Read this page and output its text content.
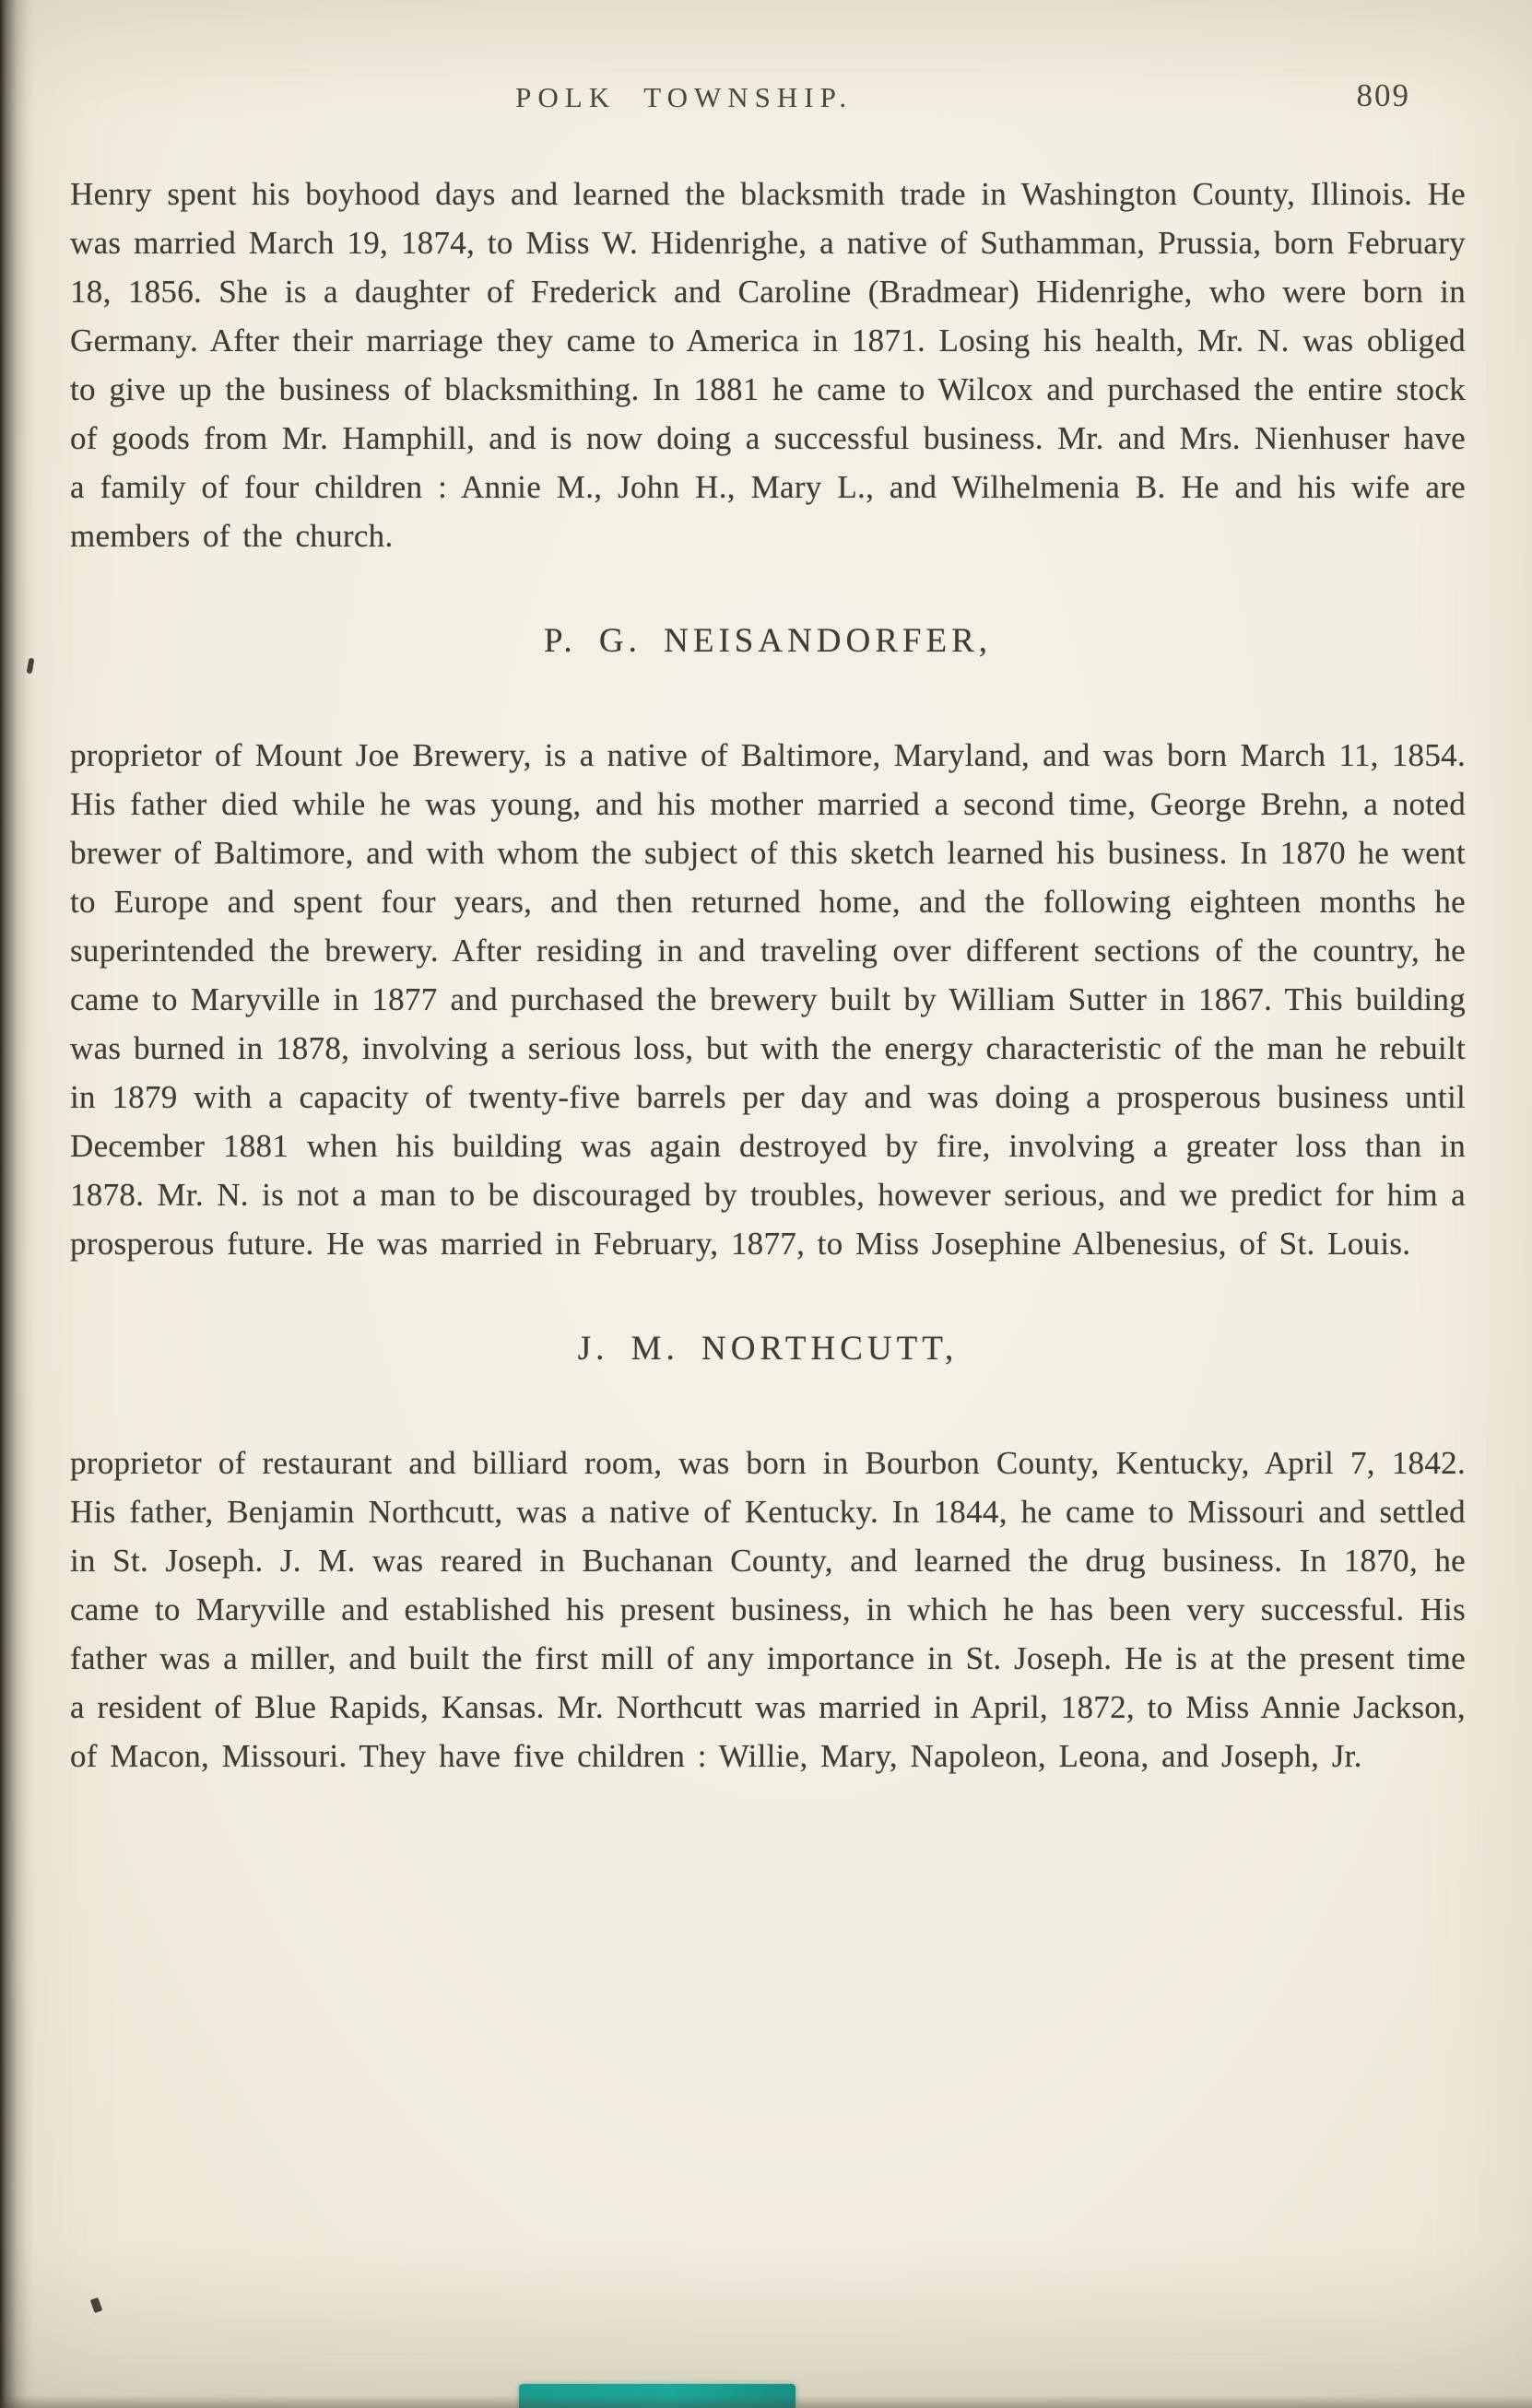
POLK TOWNSHIP.	809

Henry spent his boyhood days and learned the blacksmith trade in Washington County, Illinois. He was married March 19, 1874, to Miss W. Hidenrighe, a native of Suthamman, Prussia, born February 18, 1856. She is a daughter of Frederick and Caroline (Bradmear) Hidenrighe, who were born in Germany. After their marriage they came to America in 1871. Losing his health, Mr. N. was obliged to give up the business of blacksmithing. In 1881 he came to Wilcox and purchased the entire stock of goods from Mr. Hamphill, and is now doing a successful business. Mr. and Mrs. Nienhuser have a family of four children : Annie M., John H., Mary L., and Wilhelmenia B. He and his wife are members of the church.

P. G. NEISANDORFER,

proprietor of Mount Joe Brewery, is a native of Baltimore, Maryland, and was born March 11, 1854. His father died while he was young, and his mother married a second time, George Brehn, a noted brewer of Baltimore, and with whom the subject of this sketch learned his business. In 1870 he went to Europe and spent four years, and then returned home, and the following eighteen months he superintended the brewery. After residing in and traveling over different sections of the country, he came to Maryville in 1877 and purchased the brewery built by William Sutter in 1867. This building was burned in 1878, involving a serious loss, but with the energy characteristic of the man he rebuilt in 1879 with a capacity of twenty-five barrels per day and was doing a prosperous business until December 1881 when his building was again destroyed by fire, involving a greater loss than in 1878. Mr. N. is not a man to be discouraged by troubles, however serious, and we predict for him a prosperous future. He was married in February, 1877, to Miss Josephine Albenesius, of St. Louis.

J. M. NORTHCUTT,

proprietor of restaurant and billiard room, was born in Bourbon County, Kentucky, April 7, 1842. His father, Benjamin Northcutt, was a native of Kentucky. In 1844, he came to Missouri and settled in St. Joseph. J. M. was reared in Buchanan County, and learned the drug business. In 1870, he came to Maryville and established his present business, in which he has been very successful. His father was a miller, and built the first mill of any importance in St. Joseph. He is at the present time a resident of Blue Rapids, Kansas. Mr. Northcutt was married in April, 1872, to Miss Annie Jackson, of Macon, Missouri. They have five children : Willie, Mary, Napoleon, Leona, and Joseph, Jr.
